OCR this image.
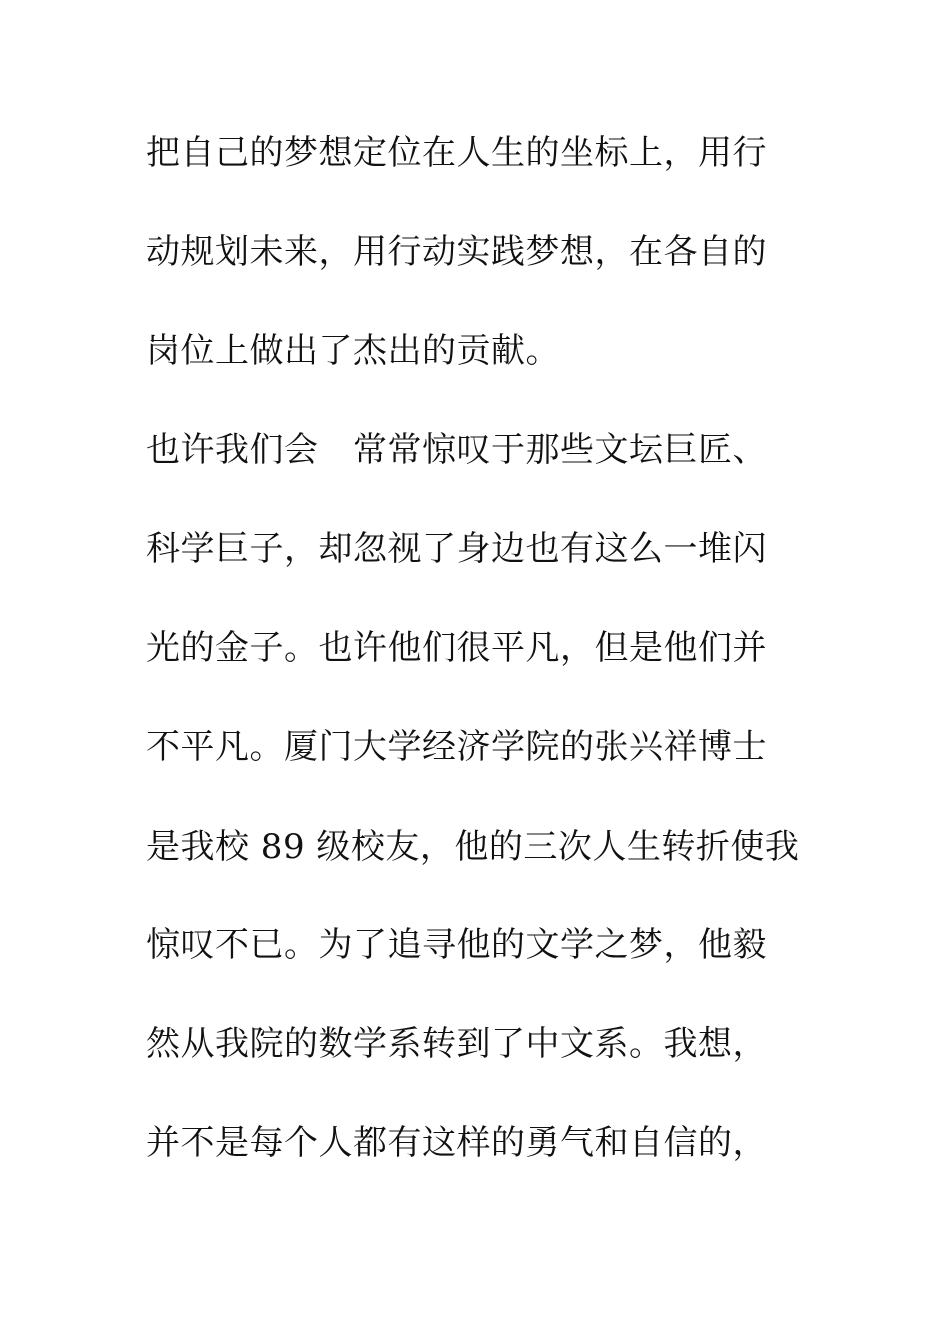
把自己的梦想定位在人生的坐标上，用行
动规划未来，用行动实践梦想，在各自的
岗位上做出了杰出的贡献。
也许我们会　常常惊叹于那些文坛巨匠、
科学巨子，却忽视了身边也有这么一堆闪
光的金子。也许他们很平凡，但是他们并
不平凡。厦门大学经济学院的张兴祥博士
是我校 89 级校友，他的三次人生转折使我
惊叹不已。为了追寻他的文学之梦，他毅
然从我院的数学系转到了中文系。我想，
并不是每个人都有这样的勇气和自信的，
